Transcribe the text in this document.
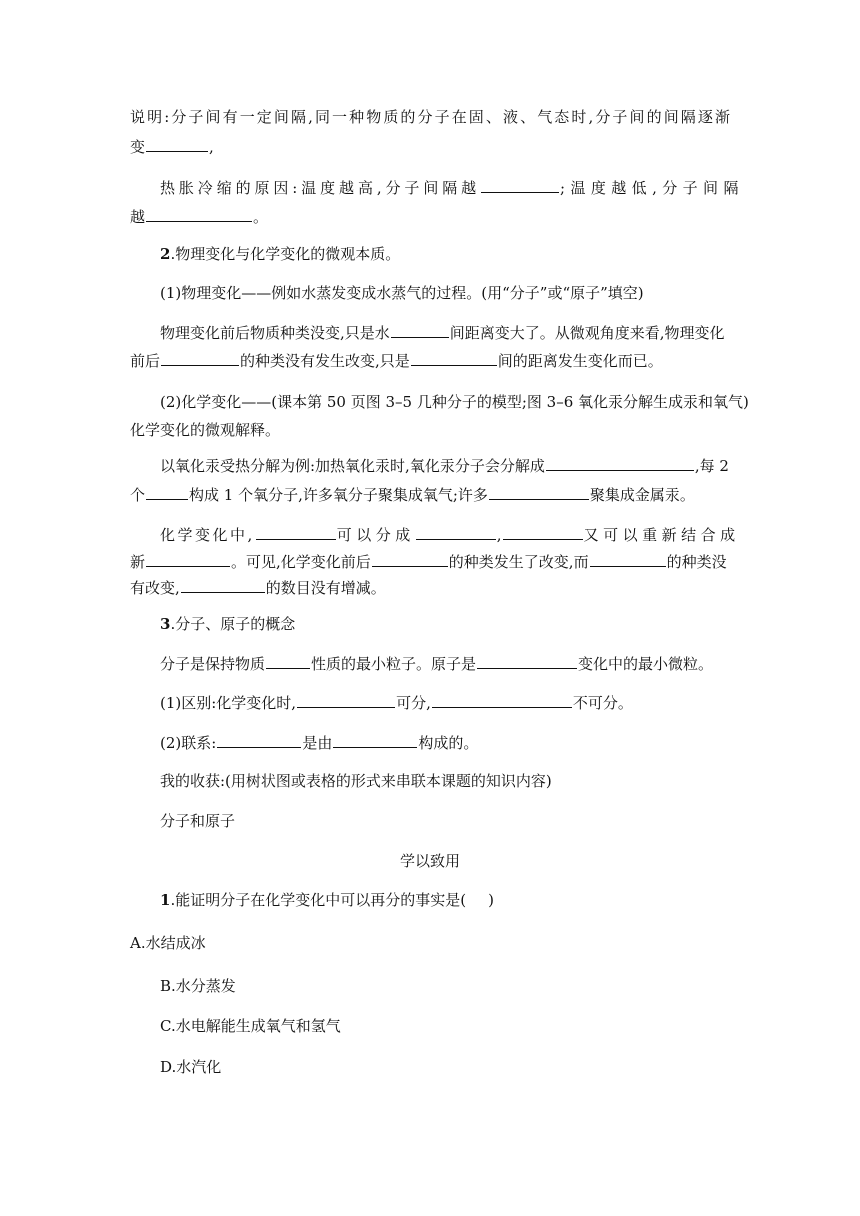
说明:分子间有一定间隔,同一种物质的分子在固、液、气态时,分子间的间隔逐渐
变	,
热胀冷缩的原因:温度越高,分子间隔越	;温度越低,分子间隔
越	。
2.物理变化与化学变化的微观本质。
(1)物理变化——例如水蒸发变成水蒸气的过程。(用“分子”或“原子”填空)
物理变化前后物质种类没变,只是水	间距离变大了。从微观角度来看,物理变化
前后	的种类没有发生改变,只是	间的距离发生变化而已。
(2)化学变化——(课本第 50 页图 3–5 几种分子的模型;图 3–6 氧化汞分解生成汞和氧气)
化学变化的微观解释。
以氧化汞受热分解为例:加热氧化汞时,氧化汞分子会分解成	,每 2
个	构成 1 个氧分子,许多氧分子聚集成氧气;许多	聚集成金属汞。
化学变化中,	可以分成	,	又可以重新结合成
新	。可见,化学变化前后	的种类发生了改变,而	的种类没
有改变,	的数目没有增减。
3.分子、原子的概念
分子是保持物质	性质的最小粒子。原子是	变化中的最小微粒。
(1)区别:化学变化时,	可分,	不可分。
(2)联系:	是由	构成的。
我的收获:(用树状图或表格的形式来串联本课题的知识内容)
分子和原子
学以致用
1.能证明分子在化学变化中可以再分的事实是( )
A.水结成冰
B.水分蒸发
C.水电解能生成氧气和氢气
D.水汽化
